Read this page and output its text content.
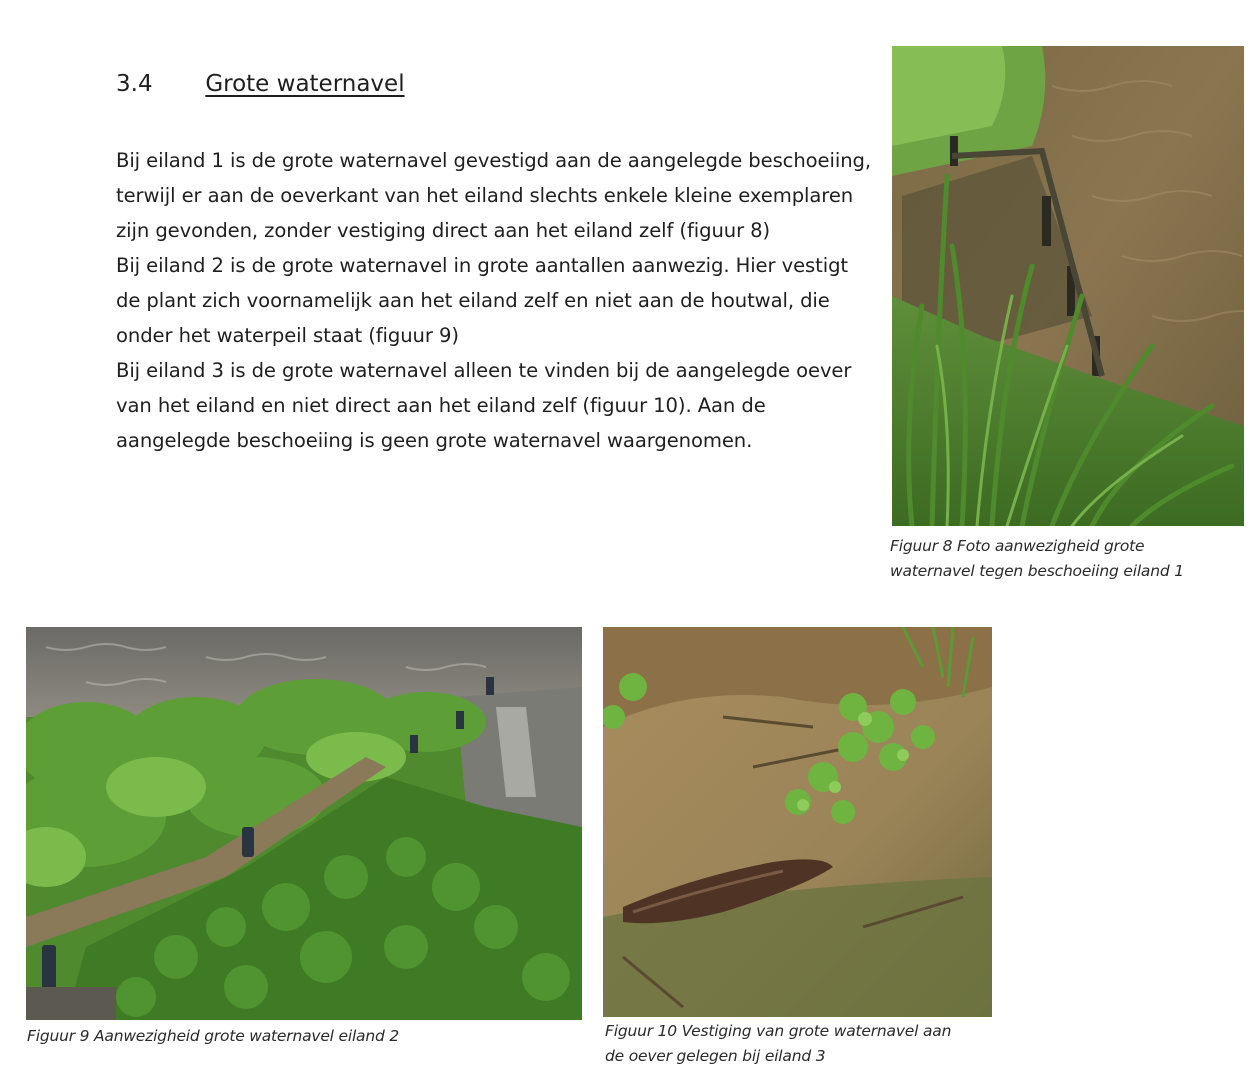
3.4 Grote waternavel

Bij eiland 1 is de grote waternavel gevestigd aan de aangelegde beschoeiing, terwijl er aan de oeverkant van het eiland slechts enkele kleine exemplaren zijn gevonden, zonder vestiging direct aan het eiland zelf (figuur 8)

Bij eiland 2 is de grote waternavel in grote aantallen aanwezig. Hier vestigt de plant zich voornamelijk aan het eiland zelf en niet aan de houtwal, die onder het waterpeil staat (figuur 9)

Bij eiland 3 is de grote waternavel alleen te vinden bij de aangelegde oever van het eiland en niet direct aan het eiland zelf (figuur 10). Aan de aangelegde beschoeiing is geen grote waternavel waargenomen.

Figuur 8 Foto aanwezigheid grote
waternavel tegen beschoeiing eiland 1
Figuur 9 Aanwezigheid grote waternavel eiland 2	Figuur 10 Vestiging van grote waternavel aan
de oever gelegen bij eiland 3
